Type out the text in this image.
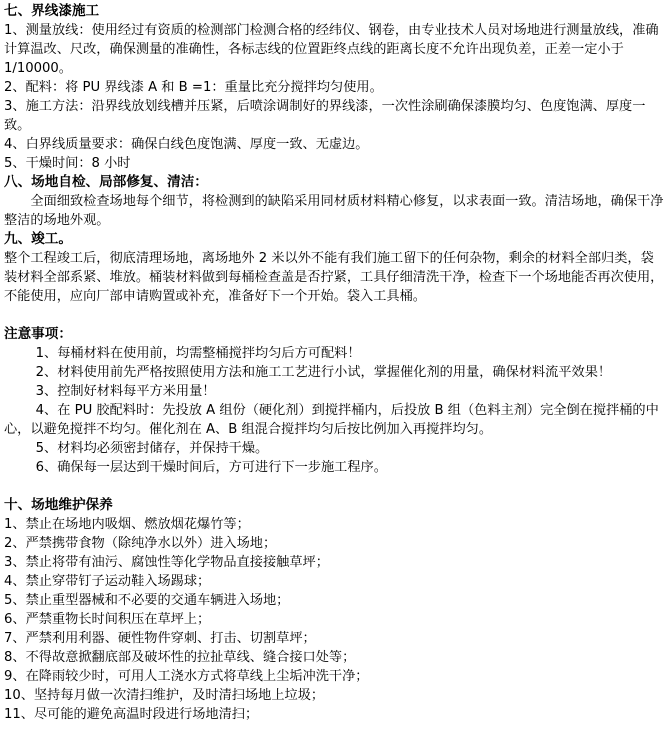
七、界线漆施工
1、测量放线：使用经过有资质的检测部门检测合格的经纬仪、钢卷，由专业技术人员对场地进行测量放线，准确计算温改、尺改，确保测量的准确性，各标志线的位置距终点线的距离长度不允许出现负差，正差一定小于 1/10000。
2、配料：将 PU 界线漆 A 和 B =1：重量比充分搅拌均匀使用。
3、施工方法：沿界线放划线槽并压紧，后喷涂调制好的界线漆，一次性涂刷确保漆膜均匀、色度饱满、厚度一致。
4、白界线质量要求：确保白线色度饱满、厚度一致、无虚边。
5、干燥时间：8 小时
八、场地自检、局部修复、清洁：
全面细致检查场地每个细节，将检测到的缺陷采用同材质材料精心修复，以求表面一致。清洁场地，确保干净整洁的场地外观。
九、竣工。
整个工程竣工后，彻底清理场地，离场地外 2 米以外不能有我们施工留下的任何杂物，剩余的材料全部归类，袋装材料全部系紧、堆放。桶装材料做到每桶检查盖是否拧紧，工具仔细清洗干净，检查下一个场地能否再次使用，不能使用，应向厂部申请购置或补充，准备好下一个开始。袋入工具桶。
注意事项：
1、每桶材料在使用前，均需整桶搅拌均匀后方可配料！
2、材料使用前先严格按照使用方法和施工工艺进行小试，掌握催化剂的用量，确保材料流平效果！
3、控制好材料每平方米用量！
4、在 PU 胶配料时：先投放 A 组份（硬化剂）到搅拌桶内，后投放 B 组（色料主剂）完全倒在搅拌桶的中心，以避免搅拌不均匀。催化剂在 A、B 组混合搅拌均匀后按比例加入再搅拌均匀。
5、材料均必须密封储存，并保持干燥。
6、确保每一层达到干燥时间后，方可进行下一步施工程序。
十、场地维护保养
1、禁止在场地内吸烟、燃放烟花爆竹等；
2、严禁携带食物（除纯净水以外）进入场地；
3、禁止将带有油污、腐蚀性等化学物品直接接触草坪；
4、禁止穿带钉子运动鞋入场踢球；
5、禁止重型器械和不必要的交通车辆进入场地；
6、严禁重物长时间积压在草坪上；
7、严禁利用利器、硬性物件穿刺、打击、切割草坪；
8、不得故意掀翻底部及破坏性的拉扯草线、缝合接口处等；
9、在降雨较少时，可用人工浇水方式将草线上尘垢冲洗干净；
10、坚持每月做一次清扫维护，及时清扫场地上垃圾；
11、尽可能的避免高温时段进行场地清扫；
